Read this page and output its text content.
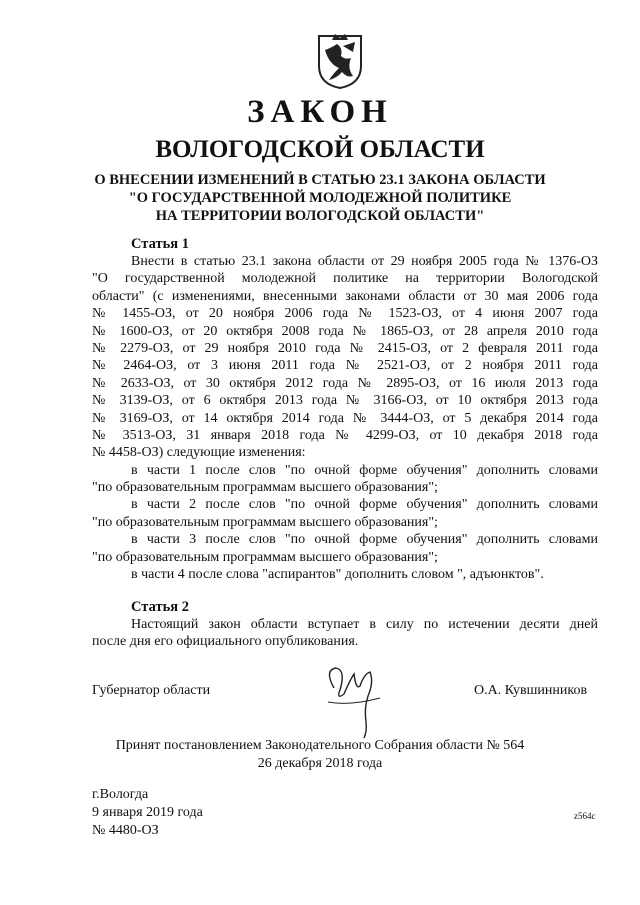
ЗАКОН
ВОЛОГОДСКОЙ ОБЛАСТИ
О ВНЕСЕНИИ ИЗМЕНЕНИЙ В СТАТЬЮ 23.1 ЗАКОНА ОБЛАСТИ
"О ГОСУДАРСТВЕННОЙ МОЛОДЕЖНОЙ ПОЛИТИКЕ
НА ТЕРРИТОРИИ ВОЛОГОДСКОЙ ОБЛАСТИ"
Статья 1
Внести в статью 23.1 закона области от 29 ноября 2005 года № 1376-ОЗ
"О государственной молодежной политике на территории Вологодской
области" (с изменениями, внесенными законами области от 30 мая 2006 года
№ 1455-ОЗ, от 20 ноября 2006 года № 1523-ОЗ, от 4 июня 2007 года
№ 1600-ОЗ, от 20 октября 2008 года № 1865-ОЗ, от 28 апреля 2010 года
№ 2279-ОЗ, от 29 ноября 2010 года № 2415-ОЗ, от 2 февраля 2011 года
№ 2464-ОЗ, от 3 июня 2011 года № 2521-ОЗ, от 2 ноября 2011 года
№ 2633-ОЗ, от 30 октября 2012 года № 2895-ОЗ, от 16 июля 2013 года
№ 3139-ОЗ, от 6 октября 2013 года № 3166-ОЗ, от 10 октября 2013 года
№ 3169-ОЗ, от 14 октября 2014 года № 3444-ОЗ, от 5 декабря 2014 года
№ 3513-ОЗ, 31 января 2018 года № 4299-ОЗ, от 10 декабря 2018 года
№ 4458-ОЗ) следующие изменения:
в части 1 после слов "по очной форме обучения" дополнить словами
"по образовательным программам высшего образования";
в части 2 после слов "по очной форме обучения" дополнить словами
"по образовательным программам высшего образования";
в части 3 после слов "по очной форме обучения" дополнить словами
"по образовательным программам высшего образования";
в части 4 после слова "аспирантов" дополнить словом ", адъюнктов".
Статья 2
Настоящий закон области вступает в силу по истечении десяти дней
после дня его официального опубликования.
Губернатор области	О.А. Кувшинников
Принят постановлением Законодательного Собрания области № 564
26 декабря 2018 года
г.Вологда
9 января 2019 года
№ 4480-ОЗ
z564c
